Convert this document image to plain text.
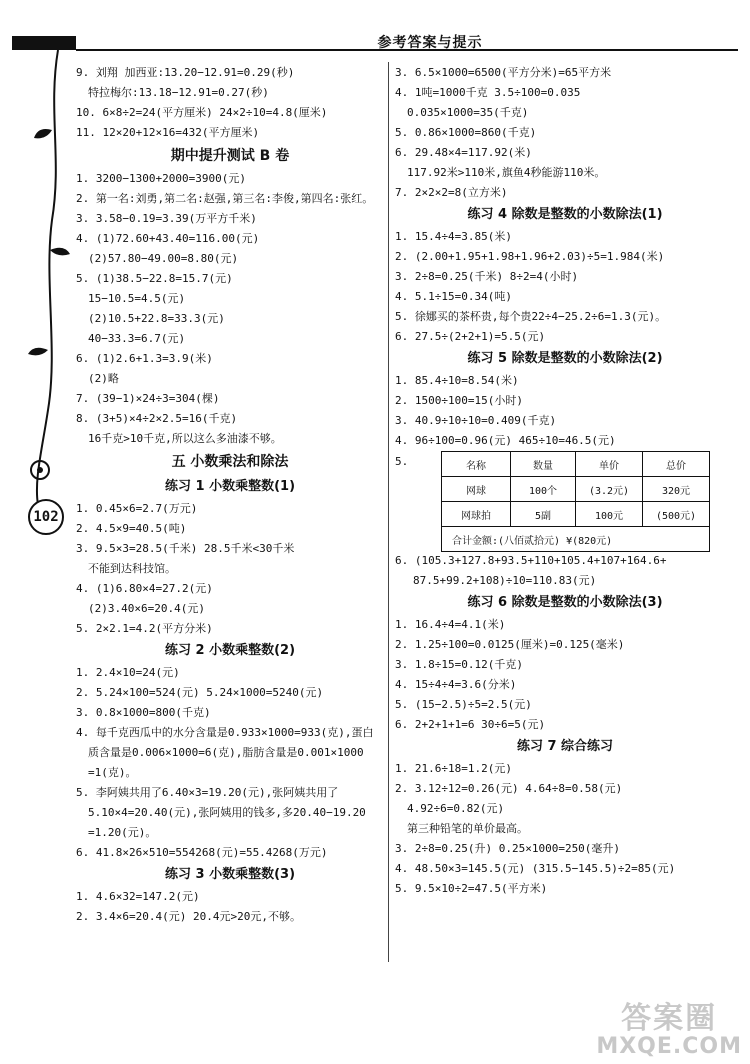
参考答案与提示
102
9. 刘翔 加西亚:13.20−12.91=0.29(秒)
特拉梅尔:13.18−12.91=0.27(秒)
10. 6×8÷2=24(平方厘米) 24×2÷10=4.8(厘米)
11. 12×20+12×16=432(平方厘米)
期中提升测试 B 卷
1. 3200−1300+2000=3900(元)
2. 第一名:刘勇,第二名:赵强,第三名:李俊,第四名:张红。
3. 3.58−0.19=3.39(万平方千米)
4. (1)72.60+43.40=116.00(元)
(2)57.80−49.00=8.80(元)
5. (1)38.5−22.8=15.7(元)
15−10.5=4.5(元)
(2)10.5+22.8=33.3(元)
40−33.3=6.7(元)
6. (1)2.6+1.3=3.9(米)
(2)略
7. (39−1)×24÷3=304(棵)
8. (3+5)×4÷2×2.5=16(千克)
16千克>10千克,所以这么多油漆不够。
五 小数乘法和除法
练习 1 小数乘整数(1)
1. 0.45×6=2.7(万元)
2. 4.5×9=40.5(吨)
3. 9.5×3=28.5(千米) 28.5千米<30千米
不能到达科技馆。
4. (1)6.80×4=27.2(元)
(2)3.40×6=20.4(元)
5. 2×2.1=4.2(平方分米)
练习 2 小数乘整数(2)
1. 2.4×10=24(元)
2. 5.24×100=524(元) 5.24×1000=5240(元)
3. 0.8×1000=800(千克)
4. 每千克西瓜中的水分含量是0.933×1000=933(克),蛋白
质含量是0.006×1000=6(克),脂肪含量是0.001×1000
=1(克)。
5. 李阿姨共用了6.40×3=19.20(元),张阿姨共用了
5.10×4=20.40(元),张阿姨用的钱多,多20.40−19.20
=1.20(元)。
6. 41.8×26×510=554268(元)=55.4268(万元)
练习 3 小数乘整数(3)
1. 4.6×32=147.2(元)
2. 3.4×6=20.4(元) 20.4元>20元,不够。
3. 6.5×1000=6500(平方分米)=65平方米
4. 1吨=1000千克 3.5÷100=0.035
0.035×1000=35(千克)
5. 0.86×1000=860(千克)
6. 29.48×4=117.92(米)
117.92米>110米,旗鱼4秒能游110米。
7. 2×2×2=8(立方米)
练习 4 除数是整数的小数除法(1)
1. 15.4÷4=3.85(米)
2. (2.00+1.95+1.98+1.96+2.03)÷5=1.984(米)
3. 2÷8=0.25(千米) 8÷2=4(小时)
4. 5.1÷15=0.34(吨)
5. 徐娜买的茶杯贵,每个贵22÷4−25.2÷6=1.3(元)。
6. 27.5÷(2+2+1)=5.5(元)
练习 5 除数是整数的小数除法(2)
1. 85.4÷10=8.54(米)
2. 1500÷100=15(小时)
3. 40.9÷10÷10=0.409(千克)
4. 96÷100=0.96(元) 465÷10=46.5(元)
5.	名称	数量	单价	总价
网球	100个	(3.2元)	320元
网球拍	5副	100元	(500元)
合计金额:(八佰贰拾元) ¥(820元)			
6. (105.3+127.8+93.5+110+105.4+107+164.6+
87.5+99.2+108)÷10=110.83(元)
练习 6 除数是整数的小数除法(3)
1. 16.4÷4=4.1(米)
2. 1.25÷100=0.0125(厘米)=0.125(毫米)
3. 1.8÷15=0.12(千克)
4. 15÷4÷4=3.6(分米)
5. (15−2.5)÷5=2.5(元)
6. 2+2+1+1=6 30÷6=5(元)
练习 7 综合练习
1. 21.6÷18=1.2(元)
2. 3.12÷12=0.26(元) 4.64÷8=0.58(元)
4.92÷6=0.82(元)
第三种铅笔的单价最高。
3. 2÷8=0.25(升) 0.25×1000=250(毫升)
4. 48.50×3=145.5(元) (315.5−145.5)÷2=85(元)
5. 9.5×10÷2=47.5(平方米)
答案圈
MXQE.COM
